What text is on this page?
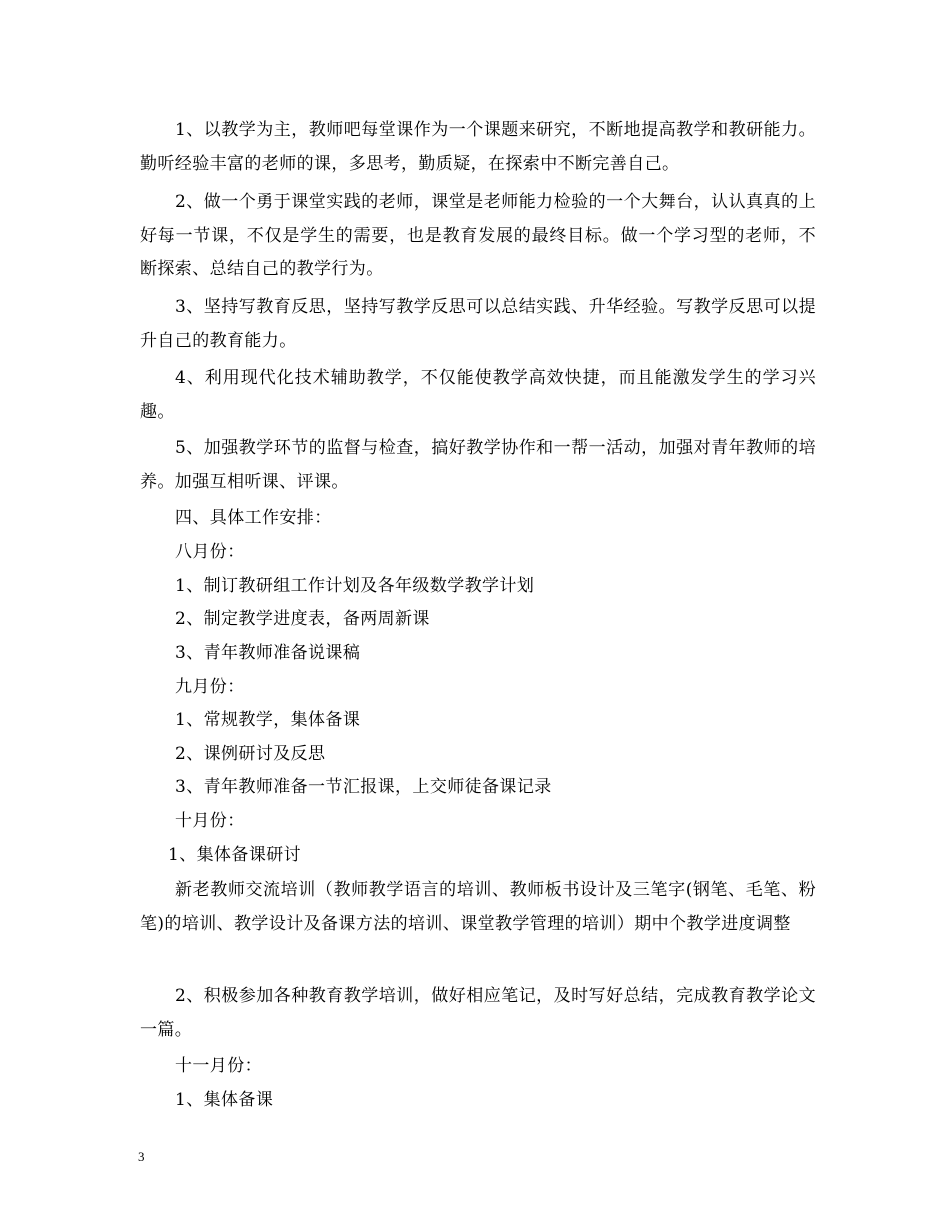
1、以教学为主，教师吧每堂课作为一个课题来研究，不断地提高教学和教研能力。勤听经验丰富的老师的课，多思考，勤质疑，在探索中不断完善自己。

2、做一个勇于课堂实践的老师，课堂是老师能力检验的一个大舞台，认认真真的上好每一节课，不仅是学生的需要，也是教育发展的最终目标。做一个学习型的老师，不断探索、总结自己的教学行为。

3、坚持写教育反思，坚持写教学反思可以总结实践、升华经验。写教学反思可以提升自己的教育能力。

4、利用现代化技术辅助教学，不仅能使教学高效快捷，而且能激发学生的学习兴趣。

5、加强教学环节的监督与检查，搞好教学协作和一帮一活动，加强对青年教师的培养。加强互相听课、评课。

四、具体工作安排：

八月份：

1、制订教研组工作计划及各年级数学教学计划

2、制定教学进度表，备两周新课

3、青年教师准备说课稿

九月份：

1、常规教学，集体备课

2、课例研讨及反思

3、青年教师准备一节汇报课，上交师徒备课记录

十月份：

1、集体备课研讨

新老教师交流培训（教师教学语言的培训、教师板书设计及三笔字(钢笔、毛笔、粉笔)的培训、教学设计及备课方法的培训、课堂教学管理的培训）期中个教学进度调整

2、积极参加各种教育教学培训，做好相应笔记，及时写好总结，完成教育教学论文一篇。

十一月份：

1、集体备课

3
